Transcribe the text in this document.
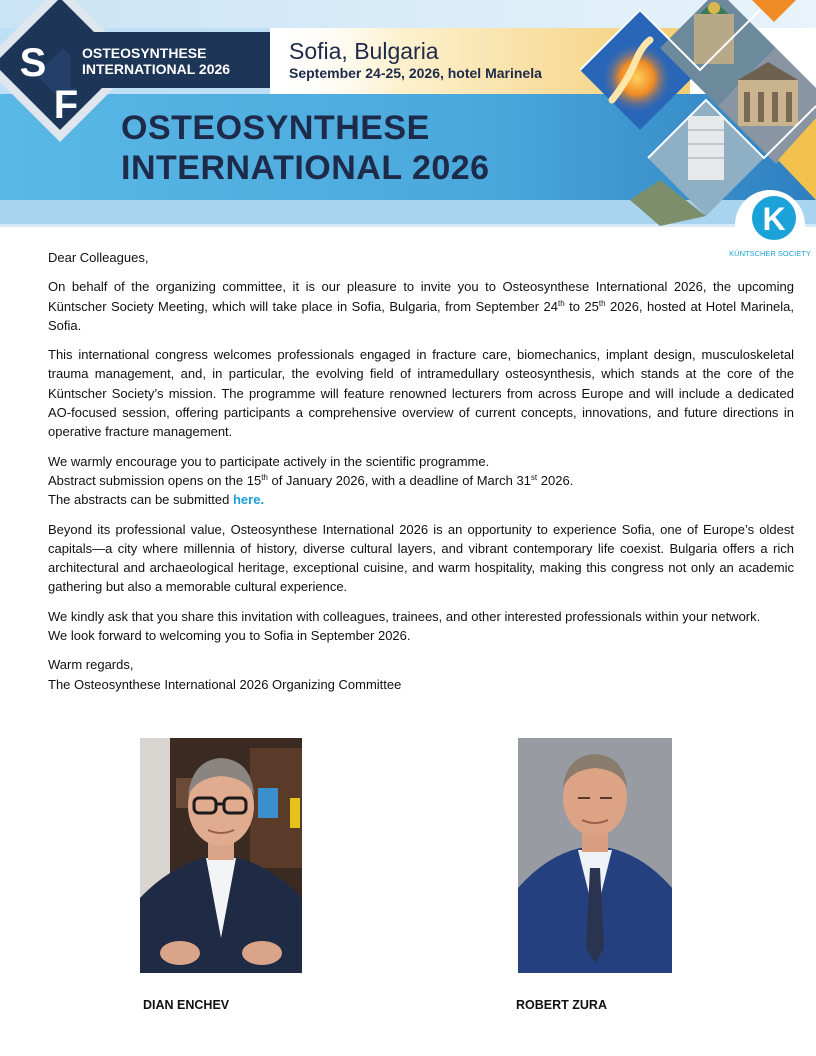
S
F
OSTEOSYNTHESE
INTERNATIONAL 2026
Sofia, Bulgaria
September 24-25, 2026, hotel Marinela
OSTEOSYNTHESE
INTERNATIONAL 2026
K
KÜNTSCHER SOCIETY

Dear Colleagues,

On behalf of the organizing committee, it is our pleasure to invite you to Osteosynthese International 2026, the upcoming Küntscher Society Meeting, which will take place in Sofia, Bulgaria, from September 24th to 25th 2026, hosted at Hotel Marinela, Sofia.

This international congress welcomes professionals engaged in fracture care, biomechanics, implant design, musculoskeletal trauma management, and, in particular, the evolving field of intramedullary osteosynthesis, which stands at the core of the Küntscher Society’s mission. The programme will feature renowned lecturers from across Europe and will include a dedicated AO-focused session, offering participants a comprehensive overview of current concepts, innovations, and future directions in operative fracture management.

We warmly encourage you to participate actively in the scientific programme.
Abstract submission opens on the 15th of January 2026, with a deadline of March 31st 2026.
The abstracts can be submitted here.

Beyond its professional value, Osteosynthese International 2026 is an opportunity to experience Sofia, one of Europe’s oldest capitals—a city where millennia of history, diverse cultural layers, and vibrant contemporary life coexist. Bulgaria offers a rich architectural and archaeological heritage, exceptional cuisine, and warm hospitality, making this congress not only an academic gathering but also a memorable cultural experience.

We kindly ask that you share this invitation with colleagues, trainees, and other interested professionals within your network.
We look forward to welcoming you to Sofia in September 2026.

Warm regards,
The Osteosynthese International 2026 Organizing Committee

DIAN ENCHEV	ROBERT ZURA
